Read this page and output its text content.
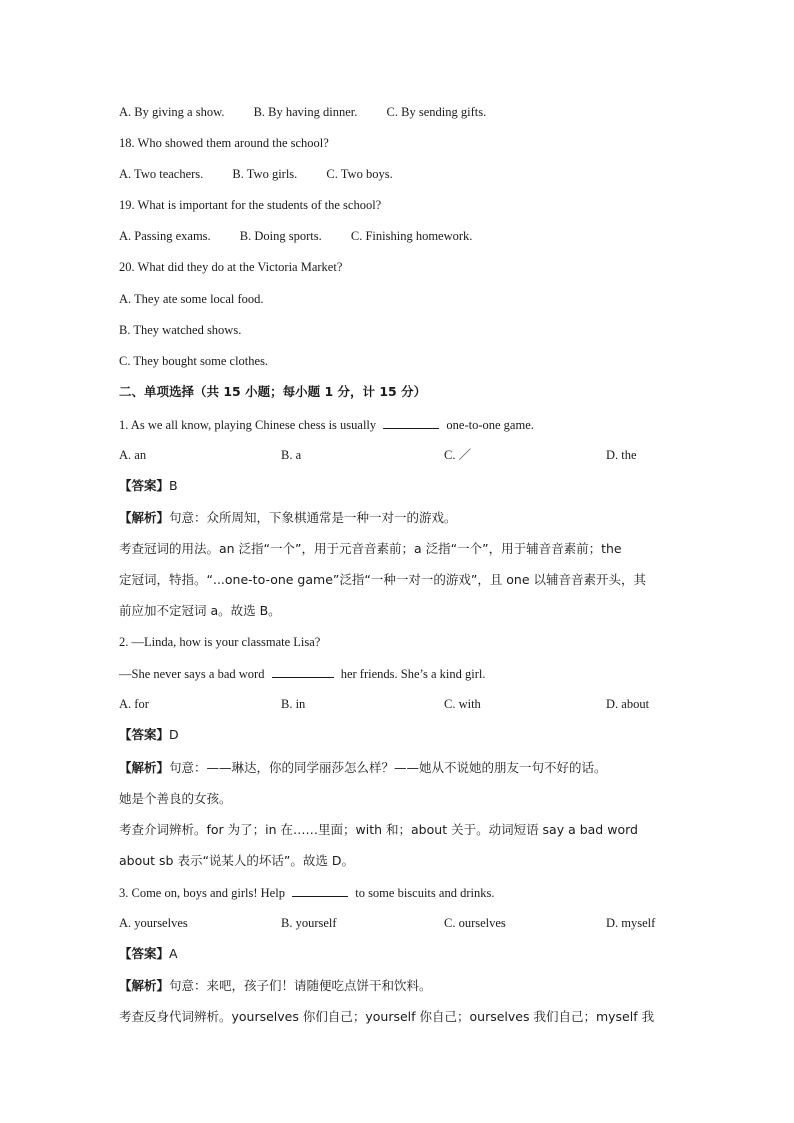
A. By giving a show. B. By having dinner. C. By sending gifts.
18. Who showed them around the school?
A. Two teachers. B. Two girls. C. Two boys.
19. What is important for the students of the school?
A. Passing exams. B. Doing sports. C. Finishing homework.
20. What did they do at the Victoria Market?
A. They ate some local food.
B. They watched shows.
C. They bought some clothes.
二、单项选择（共 15 小题；每小题 1 分，计 15 分）
1. As we all know, playing Chinese chess is usually	one-to-one game.
A. an	B. a	C. ／	D. the
【答案】B
【解析】句意：众所周知，下象棋通常是一种一对一的游戏。
考查冠词的用法。an 泛指“一个”，用于元音音素前；a 泛指“一个”，用于辅音音素前；the
定冠词，特指。“...one-to-one game”泛指“一种一对一的游戏”，且 one 以辅音音素开头，其
前应加不定冠词 a。故选 B。
2. —Linda, how is your classmate Lisa?
—She never says a bad word	her friends. She’s a kind girl.
A. for	B. in	C. with	D. about
【答案】D
【解析】句意：——琳达，你的同学丽莎怎么样？——她从不说她的朋友一句不好的话。
她是个善良的女孩。
考查介词辨析。for 为了；in 在……里面；with 和；about 关于。动词短语 say a bad word
about sb 表示“说某人的坏话”。故选 D。
3. Come on, boys and girls! Help	to some biscuits and drinks.
A. yourselves	B. yourself	C. ourselves	D. myself
【答案】A
【解析】句意：来吧，孩子们！请随便吃点饼干和饮料。
考查反身代词辨析。yourselves 你们自己；yourself 你自己；ourselves 我们自己；myself 我
